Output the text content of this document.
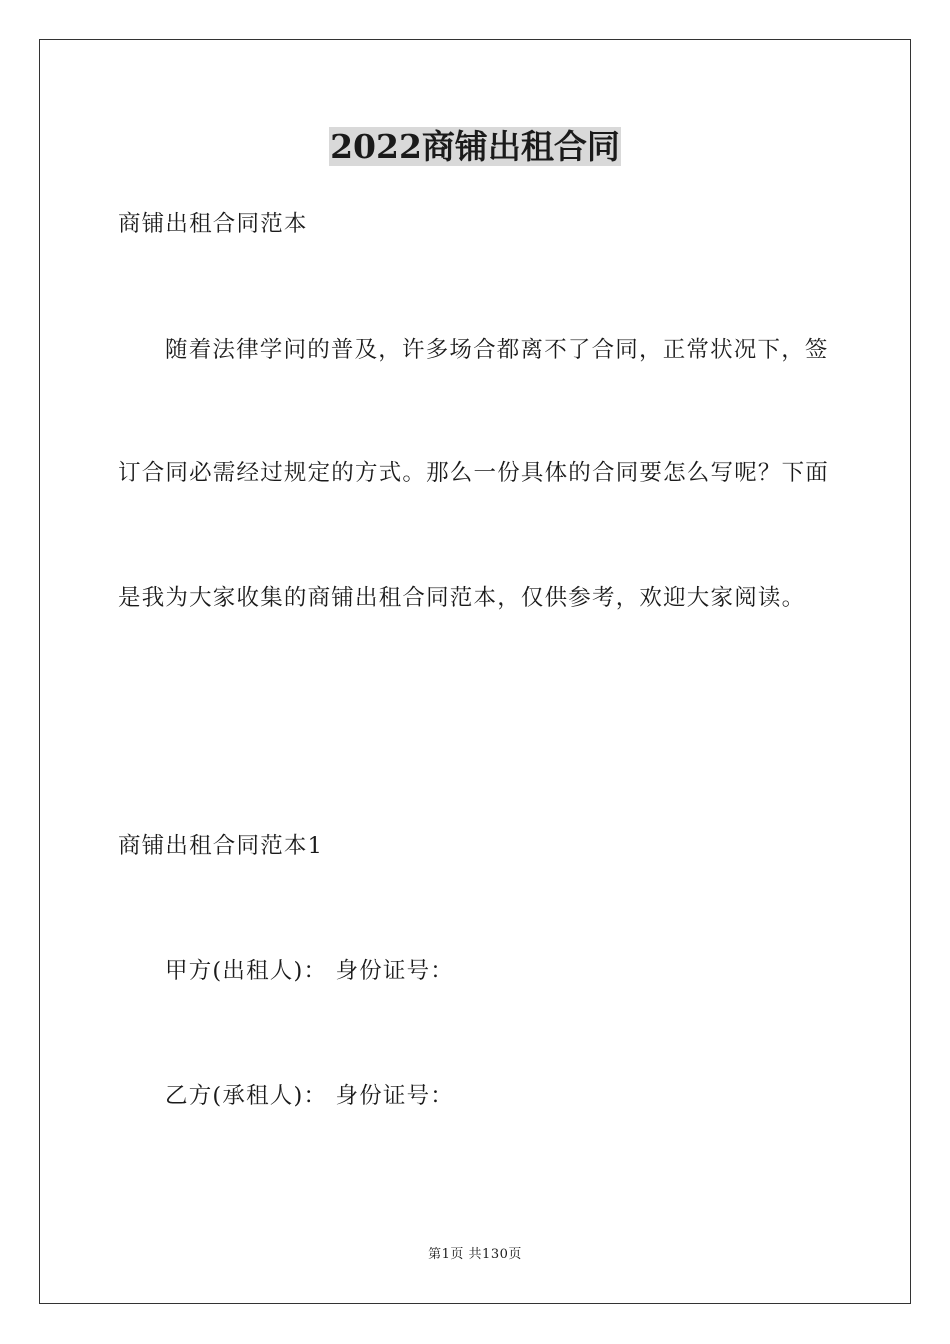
2022商铺出租合同
商铺出租合同范本
随着法律学问的普及，许多场合都离不了合同，正常状况下，签
订合同必需经过规定的方式。那么一份具体的合同要怎么写呢？下面
是我为大家收集的商铺出租合同范本，仅供参考，欢迎大家阅读。
商铺出租合同范本1
甲方(出租人)： 身份证号：
乙方(承租人)： 身份证号：
第1页 共130页
